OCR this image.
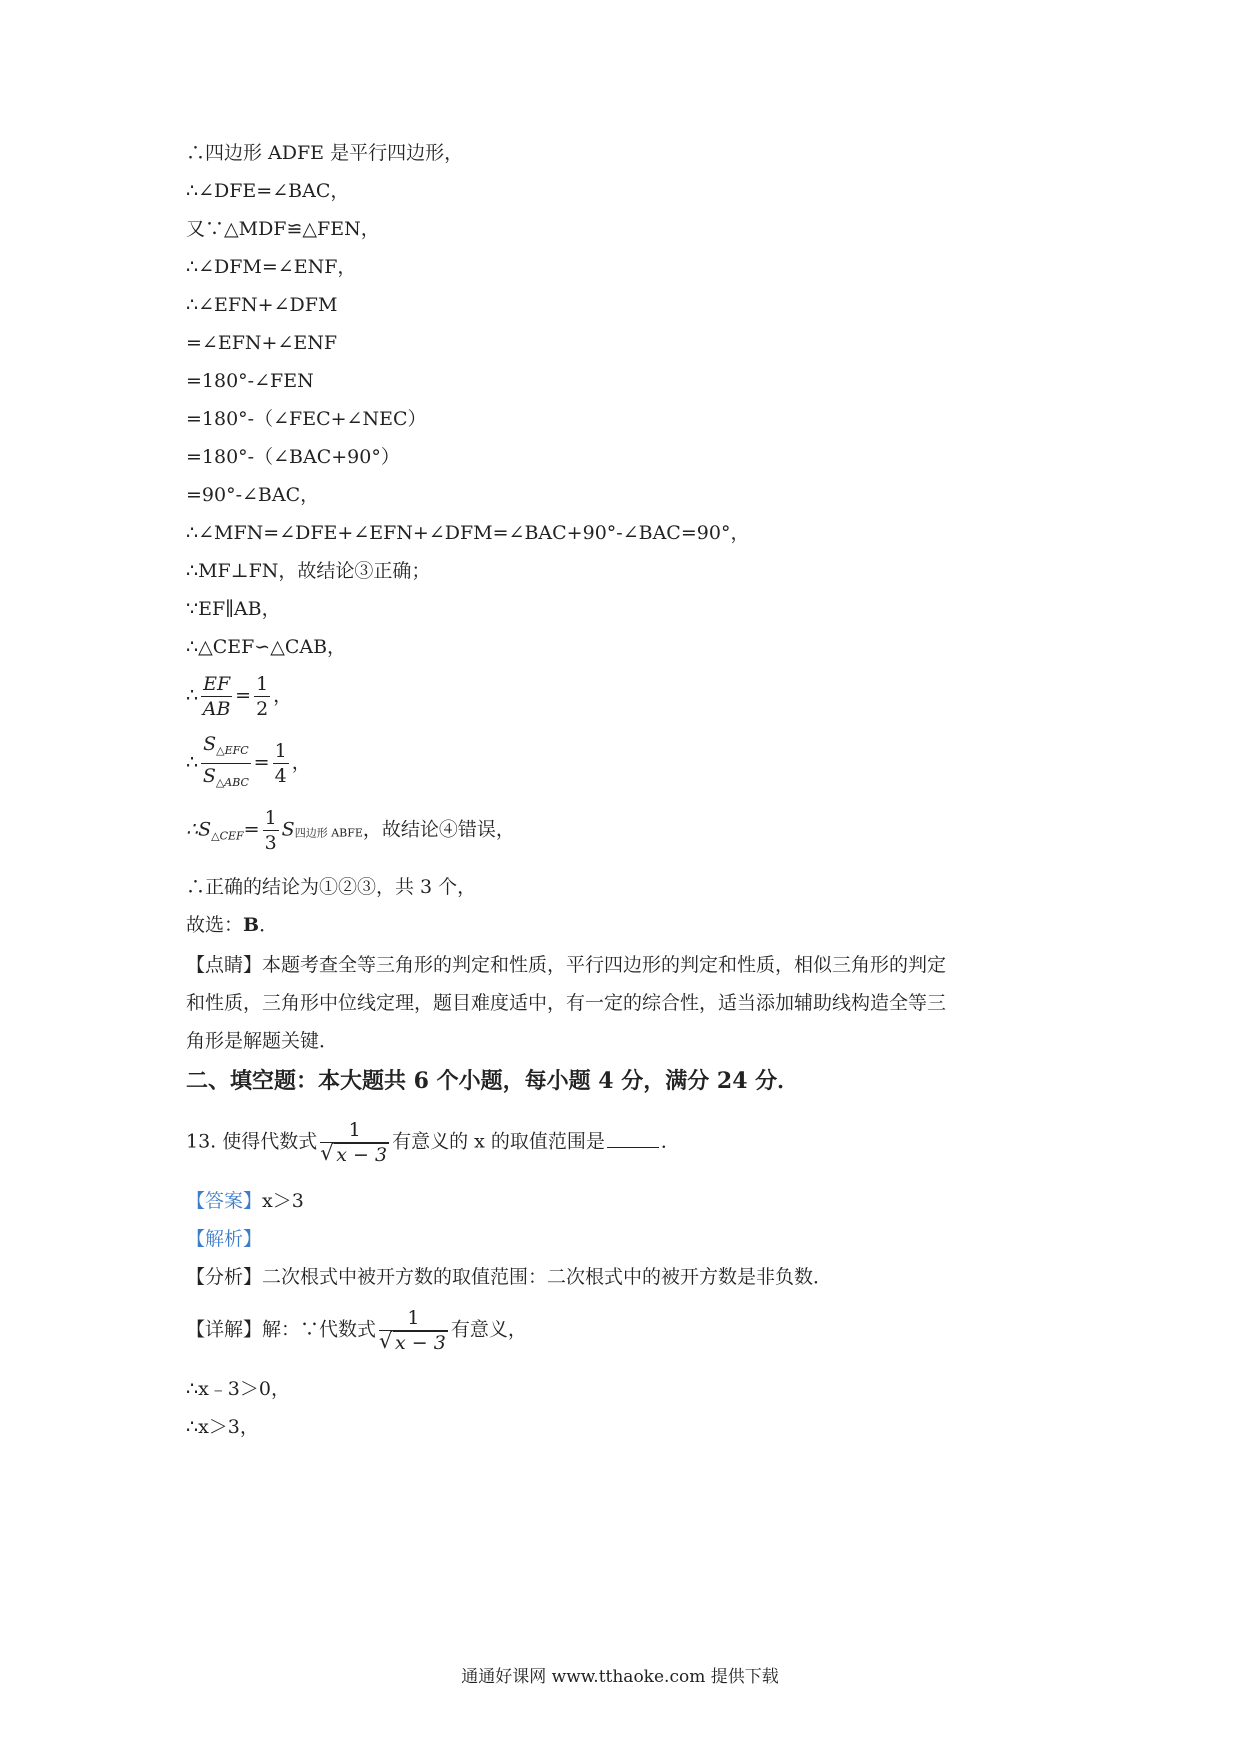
∴四边形 ADFE 是平行四边形，
∴∠DFE=∠BAC，
又∵△MDF≌△FEN，
∴∠DFM=∠ENF，
∴∠EFN+∠DFM
=∠EFN+∠ENF
=180°-∠FEN
=180°-（∠FEC+∠NEC）
=180°-（∠BAC+90°）
=90°-∠BAC，
∴∠MFN=∠DFE+∠EFN+∠DFM=∠BAC+90°-∠BAC=90°，
∴MF⊥FN，故结论③正确；
∵EF∥AB，
∴△CEF∽△CAB，
∴ $\frac{EF}{AB} = \frac{1}{2}$ ，
∴ $\frac{S_{\triangle EFC}}{S_{\triangle ABC}} = \frac{1}{4}$ ，
$\therefore S_{\triangle CEF}= \frac{1}{3}$ S四边形 ABFE，故结论④错误，
∴正确的结论为①②③，共 3 个，
故选：B．
【点睛】本题考查全等三角形的判定和性质，平行四边形的判定和性质，相似三角形的判定
和性质，三角形中位线定理，题目难度适中，有一定的综合性，适当添加辅助线构造全等三
角形是解题关键．
二、填空题：本大题共 6 个小题，每小题 4 分，满分 24 分．
13. 使得代数式 $\frac{1}{√ x - 3}$ 有意义的 x 的取值范围是	．
【答案】x＞3
【解析】
【分析】二次根式中被开方数的取值范围：二次根式中的被开方数是非负数．
【详解】解：∵代数式 $\frac{1}{√ x - 3}$ 有意义，
∴x﹣3＞0，
∴x＞3，
通通好课网 www.tthaoke.com 提供下载
